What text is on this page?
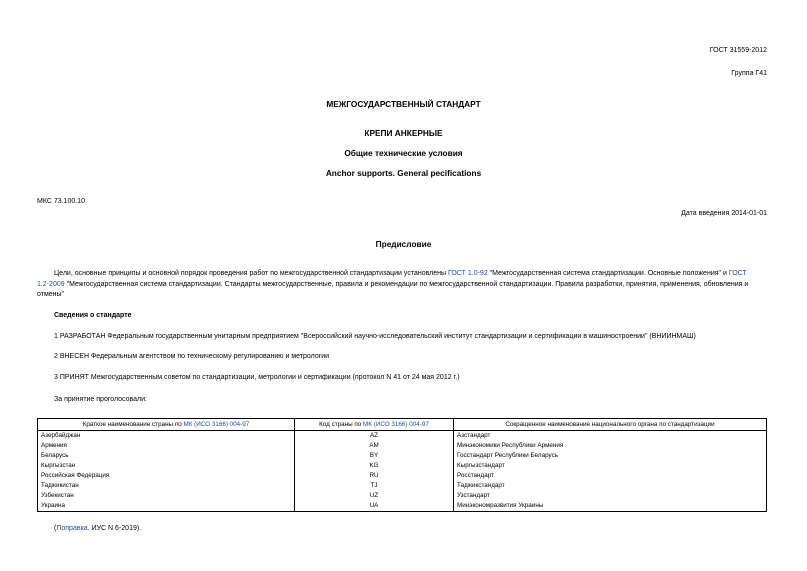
ГОСТ 31559-2012
Группа Г41
МЕЖГОСУДАРСТВЕННЫЙ СТАНДАРТ
КРЕПИ АНКЕРНЫЕ
Общие технические условия
Anchor supports. General pecifications
МКС 73.100.10
Дата введения 2014-01-01
Предисловие
Цели, основные принципы и основной порядок проведения работ по межгосударственной стандартизации установлены ГОСТ 1.0-92 "Межгосударственная система стандартизации. Основные положения" и ГОСТ
1.2-2009 "Межгосударственная система стандартизации. Стандарты межгосударственные, правила и рекомендации по межгосударственной стандартизации. Правила разработки, принятия, применения, обновления и отмены"
Сведения о стандарте
1 РАЗРАБОТАН Федеральным государственным унитарным предприятием "Всероссийский научно-исследовательский институт стандартизации и сертификации в машиностроении" (ВНИИНМАШ)
2 ВНЕСЕН Федеральным агентством по техническому регулированию и метрологии
3 ПРИНЯТ Межгосударственным советом по стандартизации, метрологии и сертификации (протокол N 41 от 24 мая 2012 г.)
За принятие проголосовали:
Краткое наименование страны по МК (ИСО 3166) 004-97	Код страны по МК (ИСО 3166) 004-97	Сокращенное наименование национального органа по стандартизации
Азербайджан	AZ	Азстандарт
Армения	AM	Минэкономики Республики Армения
Беларусь	BY	Госстандарт Республики Беларусь
Кыргызстан	KG	Кыргызстандарт
Российская Федерация	RU	Росстандарт
Таджикистан	TJ	Таджикстандарт
Узбекистан	UZ	Узстандарт
Украина	UA	Минэкономразвития Украины
(Поправка. ИУС N 6-2019).
